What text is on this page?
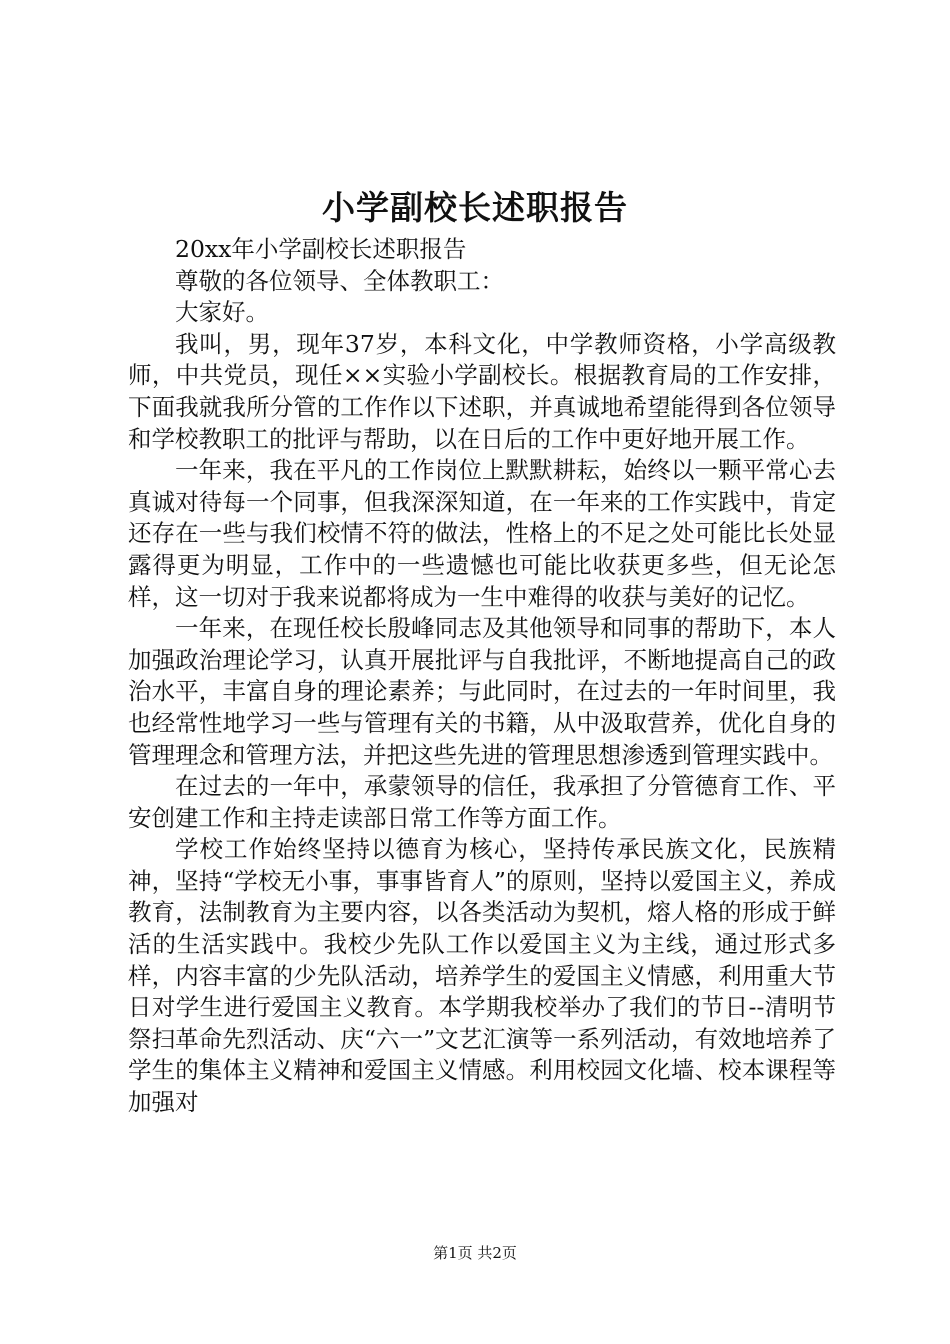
小学副校长述职报告

20xx年小学副校长述职报告

尊敬的各位领导、全体教职工：

大家好。

我叫，男，现年37岁，本科文化，中学教师资格，小学高级教师，中共党员，现任××实验小学副校长。根据教育局的工作安排，下面我就我所分管的工作作以下述职，并真诚地希望能得到各位领导和学校教职工的批评与帮助，以在日后的工作中更好地开展工作。

一年来，我在平凡的工作岗位上默默耕耘，始终以一颗平常心去真诚对待每一个同事，但我深深知道，在一年来的工作实践中，肯定还存在一些与我们校情不符的做法，性格上的不足之处可能比长处显露得更为明显，工作中的一些遗憾也可能比收获更多些，但无论怎样，这一切对于我来说都将成为一生中难得的收获与美好的记忆。

一年来，在现任校长殷峰同志及其他领导和同事的帮助下，本人加强政治理论学习，认真开展批评与自我批评，不断地提高自己的政治水平，丰富自身的理论素养；与此同时，在过去的一年时间里，我也经常性地学习一些与管理有关的书籍，从中汲取营养，优化自身的管理理念和管理方法，并把这些先进的管理思想渗透到管理实践中。

在过去的一年中，承蒙领导的信任，我承担了分管德育工作、平安创建工作和主持走读部日常工作等方面工作。

学校工作始终坚持以德育为核心，坚持传承民族文化，民族精神，坚持“学校无小事，事事皆育人”的原则，坚持以爱国主义，养成教育，法制教育为主要内容，以各类活动为契机，熔人格的形成于鲜活的生活实践中。我校少先队工作以爱国主义为主线，通过形式多样，内容丰富的少先队活动，培养学生的爱国主义情感，利用重大节日对学生进行爱国主义教育。本学期我校举办了我们的节日--清明节祭扫革命先烈活动、庆“六一”文艺汇演等一系列活动，有效地培养了学生的集体主义精神和爱国主义情感。利用校园文化墙、校本课程等加强对

第1页 共2页
